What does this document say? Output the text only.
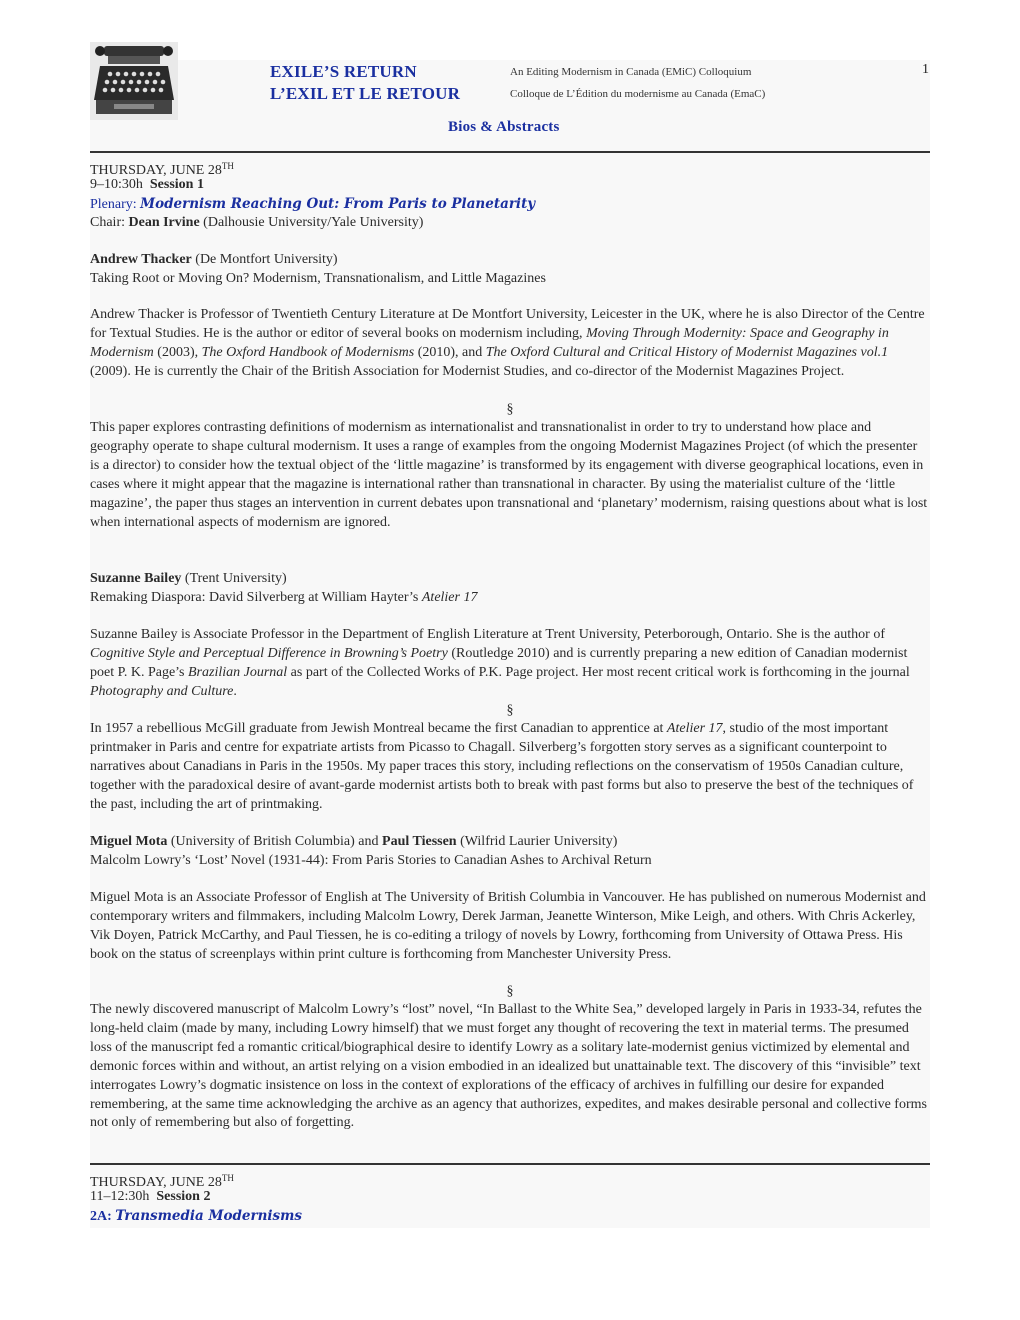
EXILE’S RETURN
L’EXIL ET LE RETOUR
An Editing Modernism in Canada (EMiC) Colloquium
Colloque de L’Édition du modernisme au Canada (EmaC)
1
Bios & Abstracts
THURSDAY, JUNE 28TH
9–10:30h Session 1
Plenary: Modernism Reaching Out: From Paris to Planetarity
Chair: Dean Irvine (Dalhousie University/Yale University)
Andrew Thacker (De Montfort University)
Taking Root or Moving On? Modernism, Transnationalism, and Little Magazines
Andrew Thacker is Professor of Twentieth Century Literature at De Montfort University, Leicester in the UK, where he is also Director of the Centre for Textual Studies. He is the author or editor of several books on modernism including, Moving Through Modernity: Space and Geography in Modernism (2003), The Oxford Handbook of Modernisms (2010), and The Oxford Cultural and Critical History of Modernist Magazines vol.1 (2009). He is currently the Chair of the British Association for Modernist Studies, and co-director of the Modernist Magazines Project.
§
This paper explores contrasting definitions of modernism as internationalist and transnationalist in order to try to understand how place and geography operate to shape cultural modernism. It uses a range of examples from the ongoing Modernist Magazines Project (of which the presenter is a director) to consider how the textual object of the ‘little magazine’ is transformed by its engagement with diverse geographical locations, even in cases where it might appear that the magazine is international rather than transnational in character. By using the materialist culture of the ‘little magazine’, the paper thus stages an intervention in current debates upon transnational and ‘planetary’ modernism, raising questions about what is lost when international aspects of modernism are ignored.
Suzanne Bailey (Trent University)
Remaking Diaspora: David Silverberg at William Hayter’s Atelier 17
Suzanne Bailey is Associate Professor in the Department of English Literature at Trent University, Peterborough, Ontario. She is the author of Cognitive Style and Perceptual Difference in Browning’s Poetry (Routledge 2010) and is currently preparing a new edition of Canadian modernist poet P. K. Page’s Brazilian Journal as part of the Collected Works of P.K. Page project. Her most recent critical work is forthcoming in the journal Photography and Culture.
§
In 1957 a rebellious McGill graduate from Jewish Montreal became the first Canadian to apprentice at Atelier 17, studio of the most important printmaker in Paris and centre for expatriate artists from Picasso to Chagall. Silverberg’s forgotten story serves as a significant counterpoint to narratives about Canadians in Paris in the 1950s. My paper traces this story, including reflections on the conservatism of 1950s Canadian culture, together with the paradoxical desire of avant-garde modernist artists both to break with past forms but also to preserve the best of the techniques of the past, including the art of printmaking.
Miguel Mota (University of British Columbia) and Paul Tiessen (Wilfrid Laurier University)
Malcolm Lowry’s ‘Lost’ Novel (1931-44): From Paris Stories to Canadian Ashes to Archival Return
Miguel Mota is an Associate Professor of English at The University of British Columbia in Vancouver. He has published on numerous Modernist and contemporary writers and filmmakers, including Malcolm Lowry, Derek Jarman, Jeanette Winterson, Mike Leigh, and others. With Chris Ackerley, Vik Doyen, Patrick McCarthy, and Paul Tiessen, he is co-editing a trilogy of novels by Lowry, forthcoming from University of Ottawa Press. His book on the status of screenplays within print culture is forthcoming from Manchester University Press.
§
The newly discovered manuscript of Malcolm Lowry’s “lost” novel, “In Ballast to the White Sea,” developed largely in Paris in 1933-34, refutes the long-held claim (made by many, including Lowry himself) that we must forget any thought of recovering the text in material terms. The presumed loss of the manuscript fed a romantic critical/biographical desire to identify Lowry as a solitary late-modernist genius victimized by elemental and demonic forces within and without, an artist relying on a vision embodied in an idealized but unattainable text. The discovery of this “invisible” text interrogates Lowry’s dogmatic insistence on loss in the context of explorations of the efficacy of archives in fulfilling our desire for expanded remembering, at the same time acknowledging the archive as an agency that authorizes, expedites, and makes desirable personal and collective forms not only of remembering but also of forgetting.
THURSDAY, JUNE 28TH
11–12:30h Session 2
2A: Transmedia Modernisms
